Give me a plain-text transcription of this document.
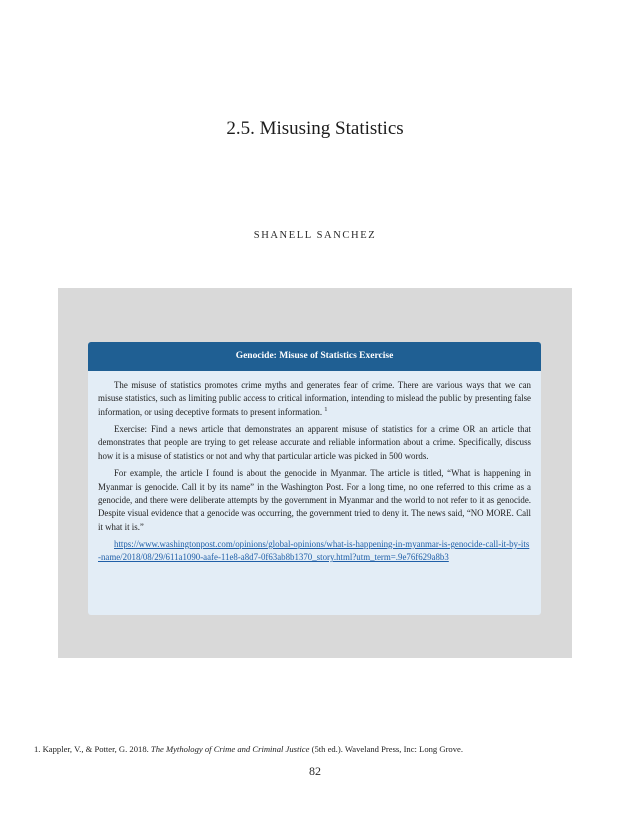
2.5. Misusing Statistics
SHANELL SANCHEZ
Genocide: Misuse of Statistics Exercise

The misuse of statistics promotes crime myths and generates fear of crime. There are various ways that we can misuse statistics, such as limiting public access to critical information, intending to mislead the public by presenting false information, or using deceptive formats to present information. $^1$

Exercise: Find a news article that demonstrates an apparent misuse of statistics for a crime OR an article that demonstrates that people are trying to get release accurate and reliable information about a crime. Specifically, discuss how it is a misuse of statistics or not and why that particular article was picked in 500 words.

For example, the article I found is about the genocide in Myanmar. The article is titled, “What is happening in Myanmar is genocide. Call it by its name” in the Washington Post. For a long time, no one referred to this crime as a genocide, and there were deliberate attempts by the government in Myanmar and the world to not refer to it as genocide. Despite visual evidence that a genocide was occurring, the government tried to deny it. The news said, “NO MORE. Call it what it is.”

https://www.washingtonpost.com/opinions/global-opinions/what-is-happening-in-myanmar-is-genocide-call-it-by-its-name/2018/08/29/611a1090-aafe-11e8-a8d7-0f63ab8b1370_story.html?utm_term=.9e76f629a8b3

1. Kappler, V., & Potter, G. 2018. The Mythology of Crime and Criminal Justice (5th ed.). Waveland Press, Inc: Long Grove.
82
